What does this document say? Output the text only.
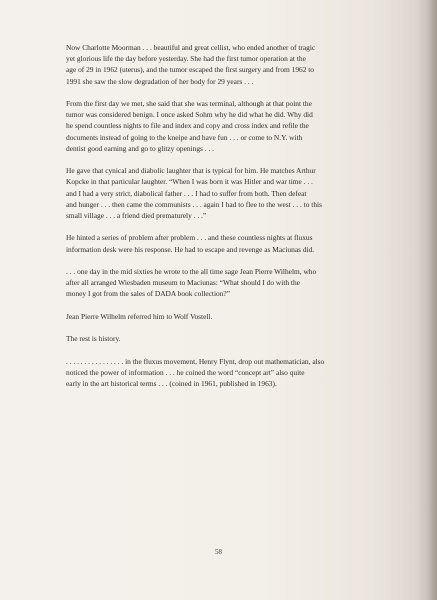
Now Charlotte Moorman . . . beautiful and great cellist, who ended another of tragic
yet glorious life the day before yesterday. She had the first tumor operation at the
age of 29 in 1962 (uterus), and the tumor escaped the first surgery and from 1962 to
1991 she saw the slow degradation of her body for 29 years . . .

From the first day we met, she said that she was terminal, although at that point the
tumor was considered benign. I once asked Sohm why he did what he did. Why did
he spend countless nights to file and index and copy and cross index and refile the
documents instead of going to the kneipe and have fun . . . or come to N.Y. with
dentist good earning and go to glitzy openings . . .

He gave that cynical and diabolic laughter that is typical for him. He matches Arthur
Kopcke in that particular laughter. “When I was born it was Hitler and war time . . .
and I had a very strict, diabolical father . . . I had to suffer from both. Then defeat
and hunger . . . then came the communists . . . again I had to flee to the west . . . to this
small village . . . a friend died prematurely . . .”

He hinted a series of problem after problem . . . and these countless nights at fluxus
information desk were his response. He had to escape and revenge as Maciunas did.

. . . one day in the mid sixties he wrote to the all time sage Jean Pierre Wilhelm, who
after all arranged Wiesbaden museum to Maciunas: “What should I do with the
money I got from the sales of DADA book collection?”

Jean Pierre Wilhelm referred him to Wolf Vostell.

The rest is history.

. . . . . . . . . . . . . . . . in the fluxus movement, Henry Flynt, drop out mathematician, also
noticed the power of information . . . he coined the word “concept art” also quite
early in the art historical terms . . . (coined in 1961, published in 1963).

58
